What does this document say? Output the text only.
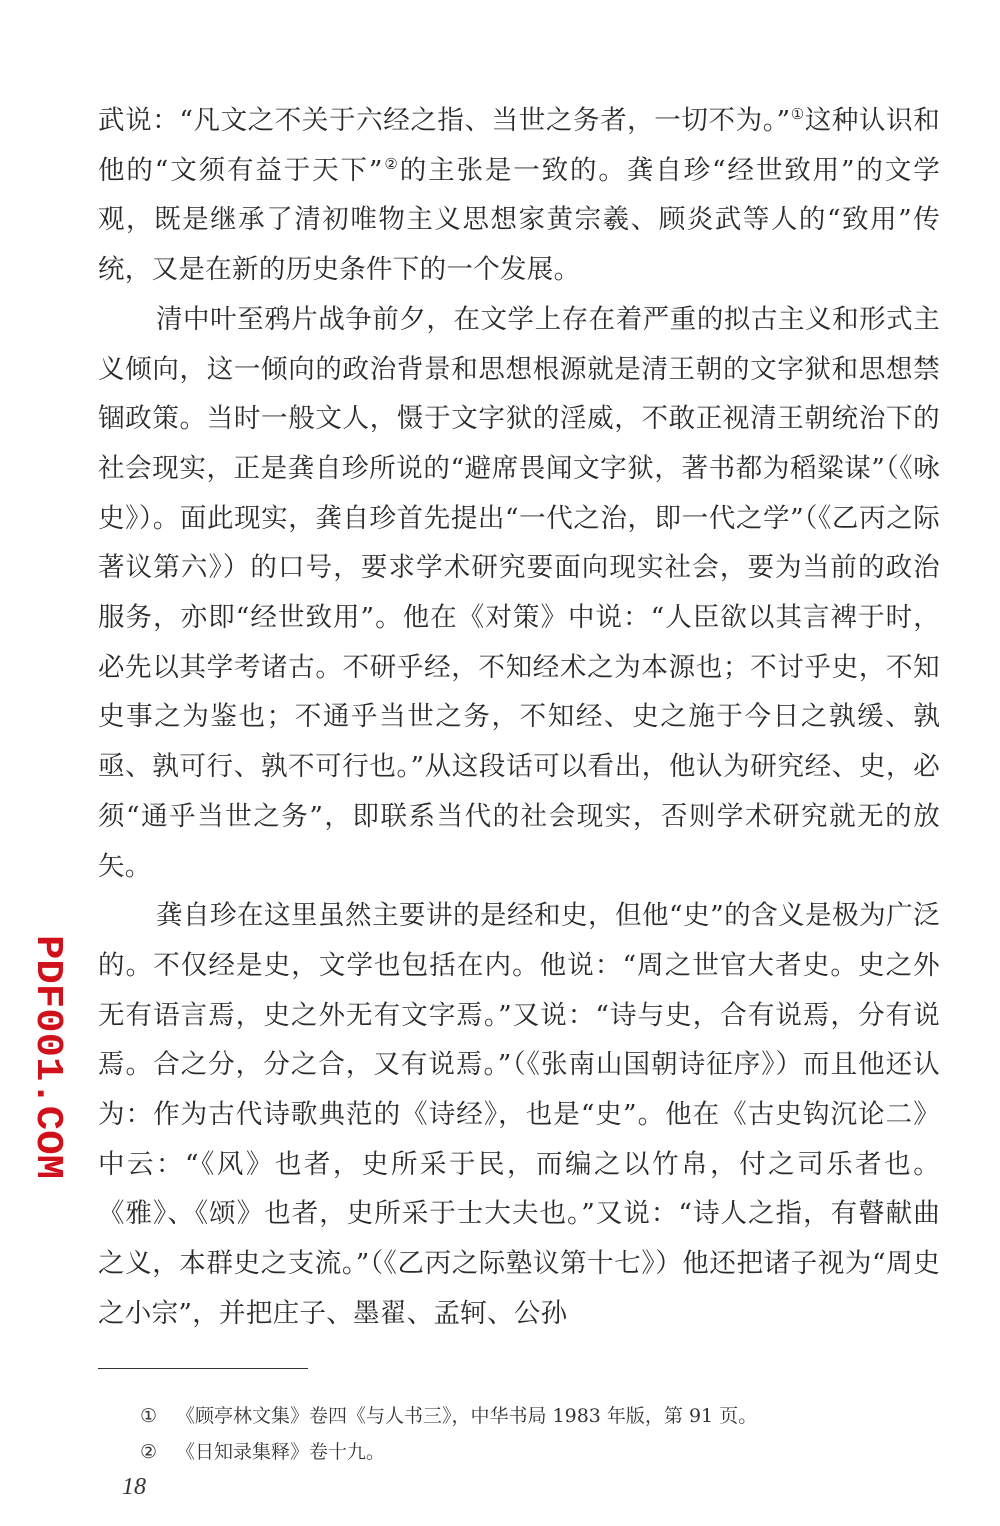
武说：“凡文之不关于六经之指、当世之务者，一切不为。”①这种认识和他的“文须有益于天下”②的主张是一致的。龚自珍“经世致用”的文学观，既是继承了清初唯物主义思想家黄宗羲、顾炎武等人的“致用”传统，又是在新的历史条件下的一个发展。

清中叶至鸦片战争前夕，在文学上存在着严重的拟古主义和形式主义倾向，这一倾向的政治背景和思想根源就是清王朝的文字狱和思想禁锢政策。当时一般文人，慑于文字狱的淫威，不敢正视清王朝统治下的社会现实，正是龚自珍所说的“避席畏闻文字狱，著书都为稻粱谋”（《咏史》）。面此现实，龚自珍首先提出“一代之治，即一代之学”（《乙丙之际著议第六》）的口号，要求学术研究要面向现实社会，要为当前的政治服务，亦即“经世致用”。他在《对策》中说：“人臣欲以其言裨于时，必先以其学考诸古。不研乎经，不知经术之为本源也；不讨乎史，不知史事之为鉴也；不通乎当世之务，不知经、史之施于今日之孰缓、孰亟、孰可行、孰不可行也。”从这段话可以看出，他认为研究经、史，必须“通乎当世之务”，即联系当代的社会现实，否则学术研究就无的放矢。

龚自珍在这里虽然主要讲的是经和史，但他“史”的含义是极为广泛的。不仅经是史，文学也包括在内。他说：“周之世官大者史。史之外无有语言焉，史之外无有文字焉。”又说：“诗与史，合有说焉，分有说焉。合之分，分之合，又有说焉。”（《张南山国朝诗征序》）而且他还认为：作为古代诗歌典范的《诗经》，也是“史”。他在《古史钩沉论二》中云：“《风》也者，史所采于民，而编之以竹帛，付之司乐者也。《雅》、《颂》也者，史所采于士大夫也。”又说：“诗人之指，有瞽献曲之义，本群史之支流。”（《乙丙之际塾议第十七》）他还把诸子视为“周史之小宗”，并把庄子、墨翟、孟轲、公孙

PDF001.COM
① 《顾亭林文集》卷四《与人书三》，中华书局 1983 年版，第 91 页。
② 《日知录集释》卷十九。
18
